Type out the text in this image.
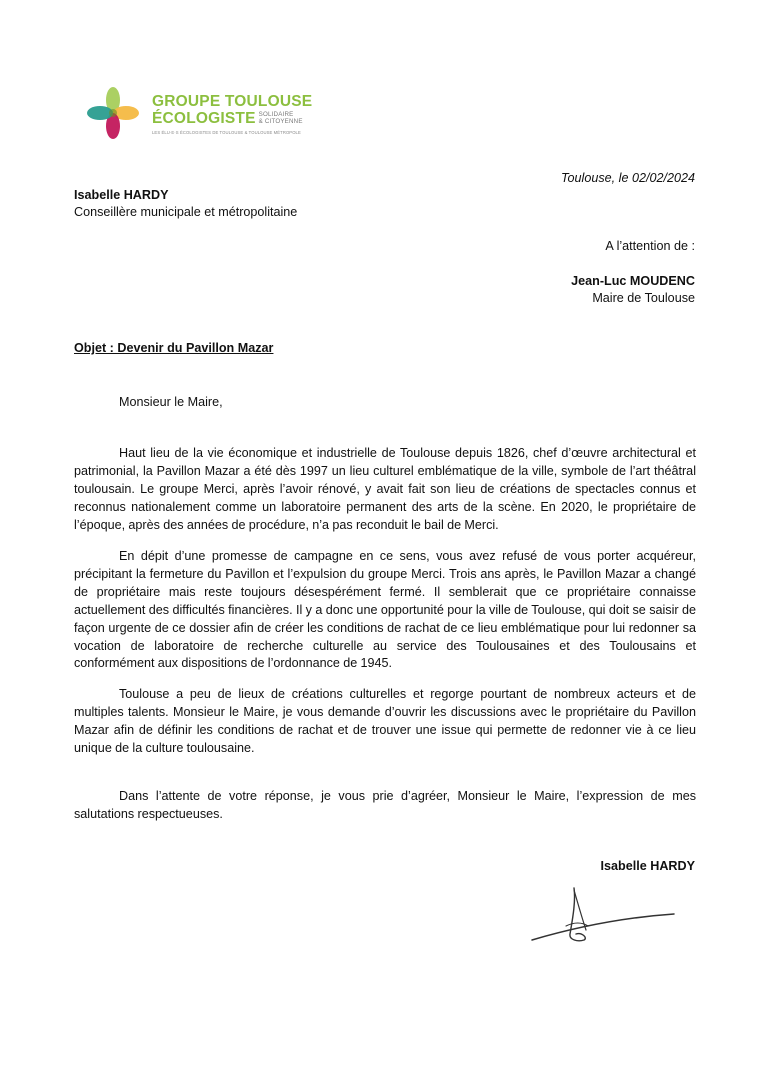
GROUPE TOULOUSE
ÉCOLOGISTE SOLIDAIRE
& CITOYENNE
LES ÉLU·E·S ÉCOLOGISTES DE TOULOUSE & TOULOUSE MÉTROPOLE
Toulouse, le 02/02/2024
Isabelle HARDY
Conseillère municipale et métropolitaine
A l’attention de :
Jean-Luc MOUDENC
Maire de Toulouse
Objet : Devenir du Pavillon Mazar
Monsieur le Maire,
Haut lieu de la vie économique et industrielle de Toulouse depuis 1826, chef d’œuvre architectural et patrimonial, la Pavillon Mazar a été dès 1997 un lieu culturel emblématique de la ville, symbole de l’art théâtral toulousain. Le groupe Merci, après l’avoir rénové, y avait fait son lieu de créations de spectacles connus et reconnus nationalement comme un laboratoire permanent des arts de la scène. En 2020, le propriétaire de l’époque, après des années de procédure, n’a pas reconduit le bail de Merci.
En dépit d’une promesse de campagne en ce sens, vous avez refusé de vous porter acquéreur, précipitant la fermeture du Pavillon et l’expulsion du groupe Merci. Trois ans après, le Pavillon Mazar a changé de propriétaire mais reste toujours désespérément fermé. Il semblerait que ce propriétaire connaisse actuellement des difficultés financières. Il y a donc une opportunité pour la ville de Toulouse, qui doit se saisir de façon urgente de ce dossier afin de créer les conditions de rachat de ce lieu emblématique pour lui redonner sa vocation de laboratoire de recherche culturelle au service des Toulousaines et des Toulousains et conformément aux dispositions de l’ordonnance de 1945.
Toulouse a peu de lieux de créations culturelles et regorge pourtant de nombreux acteurs et de multiples talents. Monsieur le Maire, je vous demande d’ouvrir les discussions avec le propriétaire du Pavillon Mazar afin de définir les conditions de rachat et de trouver une issue qui permette de redonner vie à ce lieu unique de la culture toulousaine.
Dans l’attente de votre réponse, je vous prie d’agréer, Monsieur le Maire, l’expression de mes salutations respectueuses.
Isabelle HARDY
